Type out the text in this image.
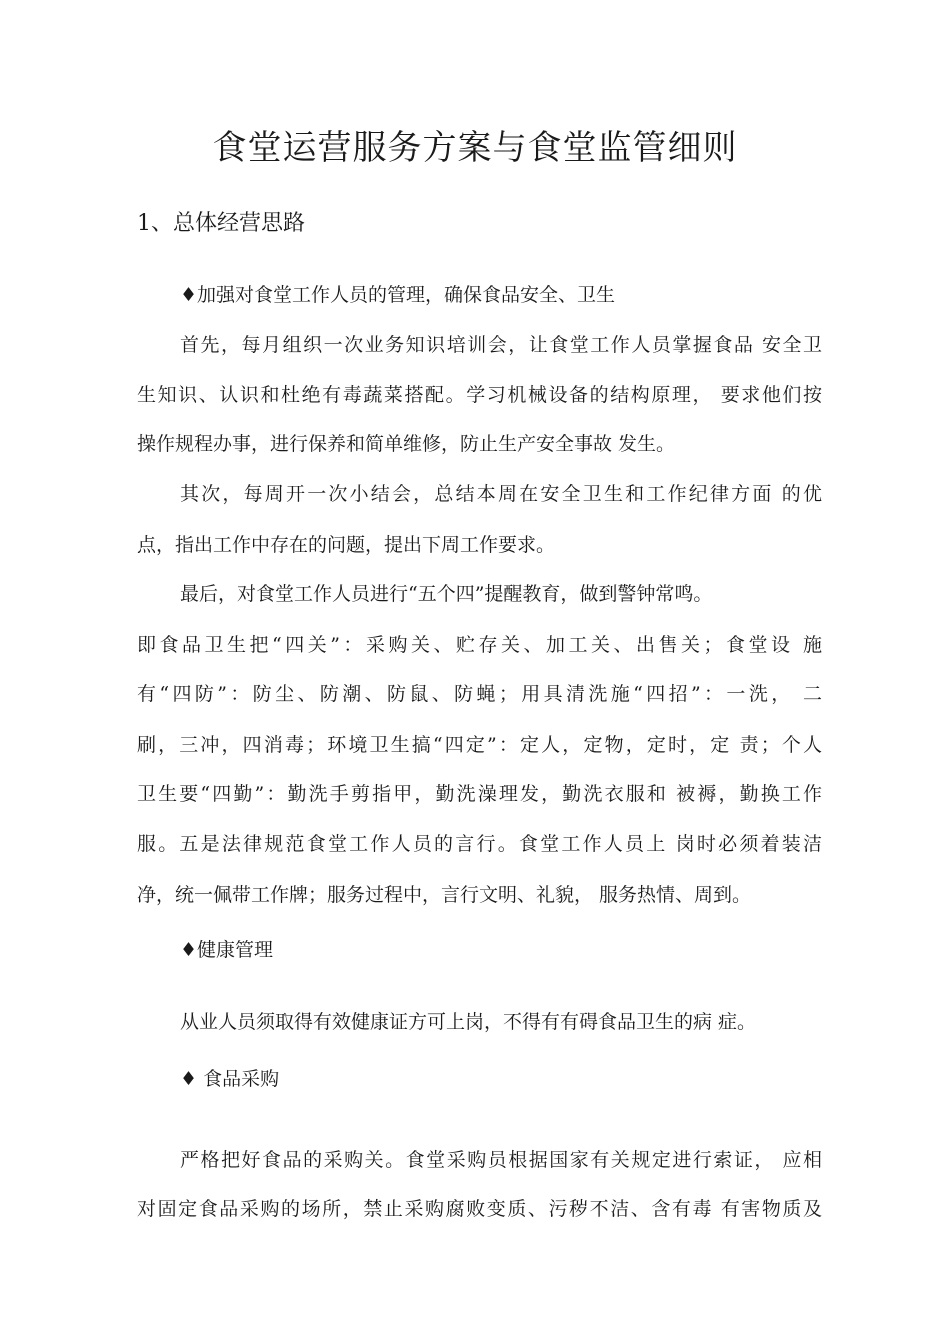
食堂运营服务方案与食堂监管细则
1、总体经营思路

♦加强对食堂工作人员的管理，确保食品安全、卫生

首先，每月组织一次业务知识培训会，让食堂工作人员掌握食品 安全卫

生知识、认识和杜绝有毒蔬菜搭配。学习机械设备的结构原理， 要求他们按

操作规程办事，进行保养和简单维修，防止生产安全事故 发生。

其次，每周开一次小结会，总结本周在安全卫生和工作纪律方面 的优

点，指出工作中存在的问题，提出下周工作要求。

最后，对食堂工作人员进行“五个四”提醒教育，做到警钟常鸣。

即食品卫生把“四关”：采购关、贮存关、加工关、出售关；食堂设 施

有“四防”：防尘、防潮、防鼠、防蝇；用具清洗施“四招”：一洗， 二

刷，三冲，四消毒；环境卫生搞“四定”：定人，定物，定时，定 责；个人

卫生要“四勤”：勤洗手剪指甲，勤洗澡理发，勤洗衣服和 被褥，勤换工作

服。五是法律规范食堂工作人员的言行。食堂工作人员上 岗时必须着装洁

净，统一佩带工作牌；服务过程中，言行文明、礼貌， 服务热情、周到。

♦健康管理

从业人员须取得有效健康证方可上岗，不得有有碍食品卫生的病 症。

♦ 食品采购

严格把好食品的采购关。食堂采购员根据国家有关规定进行索证， 应相

对固定食品采购的场所，禁止采购腐败变质、污秽不洁、含有毒 有害物质及
